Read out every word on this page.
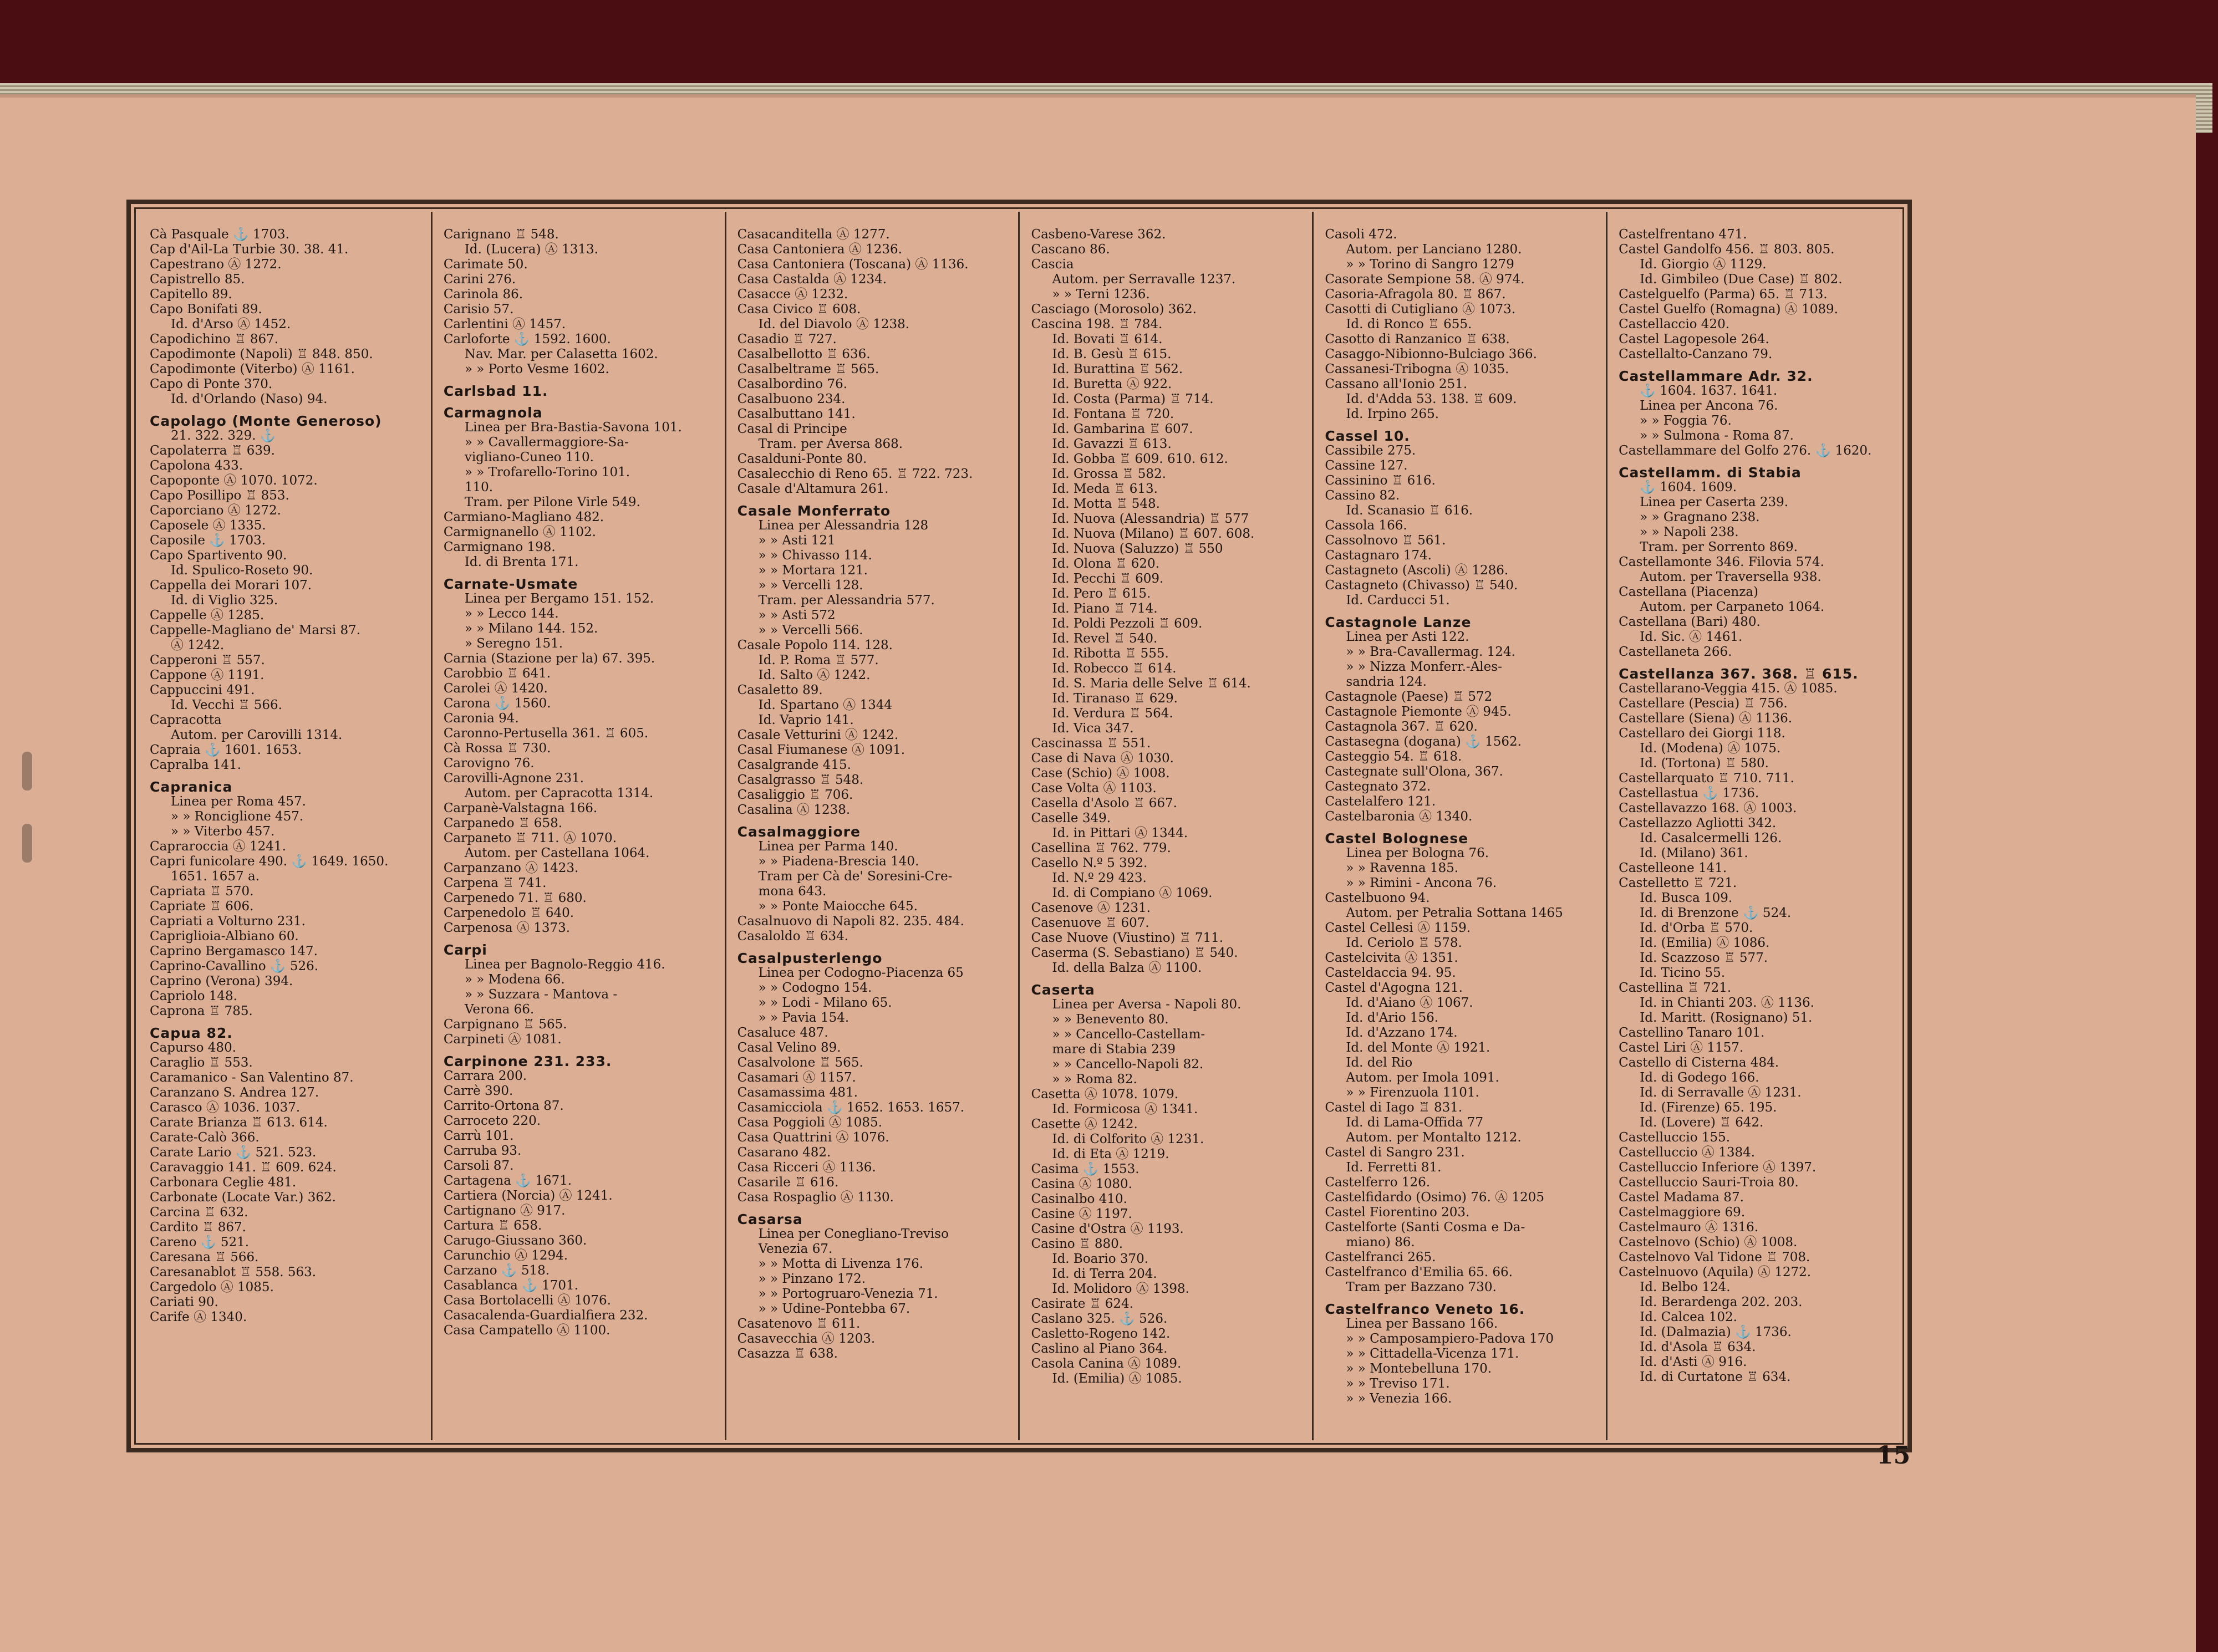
Cà Pasquale ⚓ 1703.
Cap d'Ail-La Turbie 30. 38. 41.
Capestrano Ⓐ 1272.
Capistrello 85.
Capitello 89.
Capo Bonifati 89.
Id. d'Arso Ⓐ 1452.
Capodichino ♖ 867.
Capodimonte (Napoli) ♖ 848. 850.
Capodimonte (Viterbo) Ⓐ 1161.
Capo di Ponte 370.
Id. d'Orlando (Naso) 94.
Capolago (Monte Generoso)
21. 322. 329. ⚓
Capolaterra ♖ 639.
Capolona 433.
Capoponte Ⓐ 1070. 1072.
Capo Posillipo ♖ 853.
Caporciano Ⓐ 1272.
Caposele Ⓐ 1335.
Caposile ⚓ 1703.
Capo Spartivento 90.
Id. Spulico-Roseto 90.
Cappella dei Morari 107.
Id. di Viglio 325.
Cappelle Ⓐ 1285.
Cappelle-Magliano de' Marsi 87.
Ⓐ 1242.
Capperoni ♖ 557.
Cappone Ⓐ 1191.
Cappuccini 491.
Id. Vecchi ♖ 566.
Capracotta
Autom. per Carovilli 1314.
Capraia ⚓ 1601. 1653.
Capralba 141.
Capranica
Linea per Roma 457.
» » Ronciglione 457.
» » Viterbo 457.
Capraroccia Ⓐ 1241.
Capri funicolare 490. ⚓ 1649. 1650.
1651. 1657 a.
Capriata ♖ 570.
Capriate ♖ 606.
Capriati a Volturno 231.
Capriglioia-Albiano 60.
Caprino Bergamasco 147.
Caprino-Cavallino ⚓ 526.
Caprino (Verona) 394.
Capriolo 148.
Caprona ♖ 785.
Capua 82.
Capurso 480.
Caraglio ♖ 553.
Caramanico - San Valentino 87.
Caranzano S. Andrea 127.
Carasco Ⓐ 1036. 1037.
Carate Brianza ♖ 613. 614.
Carate-Calò 366.
Carate Lario ⚓ 521. 523.
Caravaggio 141. ♖ 609. 624.
Carbonara Ceglie 481.
Carbonate (Locate Var.) 362.
Carcina ♖ 632.
Cardito ♖ 867.
Careno ⚓ 521.
Caresana ♖ 566.
Caresanablot ♖ 558. 563.
Cargedolo Ⓐ 1085.
Cariati 90.
Carife Ⓐ 1340.
Carignano ♖ 548.
Id. (Lucera) Ⓐ 1313.
Carimate 50.
Carini 276.
Carinola 86.
Carisio 57.
Carlentini Ⓐ 1457.
Carloforte ⚓ 1592. 1600.
Nav. Mar. per Calasetta 1602.
» » Porto Vesme 1602.
Carlsbad 11.
Carmagnola
Linea per Bra-Bastia-Savona 101.
» » Cavallermaggiore-Sa-
vigliano-Cuneo 110.
» » Trofarello-Torino 101.
110.
Tram. per Pilone Virle 549.
Carmiano-Magliano 482.
Carmignanello Ⓐ 1102.
Carmignano 198.
Id. di Brenta 171.
Carnate-Usmate
Linea per Bergamo 151. 152.
» » Lecco 144.
» » Milano 144. 152.
» Seregno 151.
Carnia (Stazione per la) 67. 395.
Carobbio ♖ 641.
Carolei Ⓐ 1420.
Carona ⚓ 1560.
Caronia 94.
Caronno-Pertusella 361. ♖ 605.
Cà Rossa ♖ 730.
Carovigno 76.
Carovilli-Agnone 231.
Autom. per Capracotta 1314.
Carpanè-Valstagna 166.
Carpanedo ♖ 658.
Carpaneto ♖ 711. Ⓐ 1070.
Autom. per Castellana 1064.
Carpanzano Ⓐ 1423.
Carpena ♖ 741.
Carpenedo 71. ♖ 680.
Carpenedolo ♖ 640.
Carpenosa Ⓐ 1373.
Carpi
Linea per Bagnolo-Reggio 416.
» » Modena 66.
» » Suzzara - Mantova -
Verona 66.
Carpignano ♖ 565.
Carpineti Ⓐ 1081.
Carpinone 231. 233.
Carrara 200.
Carrè 390.
Carrito-Ortona 87.
Carroceto 220.
Carrù 101.
Carruba 93.
Carsoli 87.
Cartagena ⚓ 1671.
Cartiera (Norcia) Ⓐ 1241.
Cartignano Ⓐ 917.
Cartura ♖ 658.
Carugo-Giussano 360.
Carunchio Ⓐ 1294.
Carzano ⚓ 518.
Casablanca ⚓ 1701.
Casa Bortolacelli Ⓐ 1076.
Casacalenda-Guardialfiera 232.
Casa Campatello Ⓐ 1100.
Casacanditella Ⓐ 1277.
Casa Cantoniera Ⓐ 1236.
Casa Cantoniera (Toscana) Ⓐ 1136.
Casa Castalda Ⓐ 1234.
Casacce Ⓐ 1232.
Casa Civico ♖ 608.
Id. del Diavolo Ⓐ 1238.
Casadio ♖ 727.
Casalbellotto ♖ 636.
Casalbeltrame ♖ 565.
Casalbordino 76.
Casalbuono 234.
Casalbuttano 141.
Casal di Principe
Tram. per Aversa 868.
Casalduni-Ponte 80.
Casalecchio di Reno 65. ♖ 722. 723.
Casale d'Altamura 261.
Casale Monferrato
Linea per Alessandria 128
» » Asti 121
» » Chivasso 114.
» » Mortara 121.
» » Vercelli 128.
Tram. per Alessandria 577.
» » Asti 572
» » Vercelli 566.
Casale Popolo 114. 128.
Id. P. Roma ♖ 577.
Id. Salto Ⓐ 1242.
Casaletto 89.
Id. Spartano Ⓐ 1344
Id. Vaprio 141.
Casale Vetturini Ⓐ 1242.
Casal Fiumanese Ⓐ 1091.
Casalgrande 415.
Casalgrasso ♖ 548.
Casaliggio ♖ 706.
Casalina Ⓐ 1238.
Casalmaggiore
Linea per Parma 140.
» » Piadena-Brescia 140.
Tram per Cà de' Soresini-Cre-
mona 643.
» » Ponte Maiocche 645.
Casalnuovo di Napoli 82. 235. 484.
Casaloldo ♖ 634.
Casalpusterlengo
Linea per Codogno-Piacenza 65
» » Codogno 154.
» » Lodi - Milano 65.
» » Pavia 154.
Casaluce 487.
Casal Velino 89.
Casalvolone ♖ 565.
Casamari Ⓐ 1157.
Casamassima 481.
Casamicciola ⚓ 1652. 1653. 1657.
Casa Poggioli Ⓐ 1085.
Casa Quattrini Ⓐ 1076.
Casarano 482.
Casa Ricceri Ⓐ 1136.
Casarile ♖ 616.
Casa Rospaglio Ⓐ 1130.
Casarsa
Linea per Conegliano-Treviso
Venezia 67.
» » Motta di Livenza 176.
» » Pinzano 172.
» » Portogruaro-Venezia 71.
» » Udine-Pontebba 67.
Casatenovo ♖ 611.
Casavecchia Ⓐ 1203.
Casazza ♖ 638.
Casbeno-Varese 362.
Cascano 86.
Cascia
Autom. per Serravalle 1237.
» » Terni 1236.
Casciago (Morosolo) 362.
Cascina 198. ♖ 784.
Id. Bovati ♖ 614.
Id. B. Gesù ♖ 615.
Id. Burattina ♖ 562.
Id. Buretta Ⓐ 922.
Id. Costa (Parma) ♖ 714.
Id. Fontana ♖ 720.
Id. Gambarina ♖ 607.
Id. Gavazzi ♖ 613.
Id. Gobba ♖ 609. 610. 612.
Id. Grossa ♖ 582.
Id. Meda ♖ 613.
Id. Motta ♖ 548.
Id. Nuova (Alessandria) ♖ 577
Id. Nuova (Milano) ♖ 607. 608.
Id. Nuova (Saluzzo) ♖ 550
Id. Olona ♖ 620.
Id. Pecchi ♖ 609.
Id. Pero ♖ 615.
Id. Piano ♖ 714.
Id. Poldi Pezzoli ♖ 609.
Id. Revel ♖ 540.
Id. Ribotta ♖ 555.
Id. Robecco ♖ 614.
Id. S. Maria delle Selve ♖ 614.
Id. Tiranaso ♖ 629.
Id. Verdura ♖ 564.
Id. Vica 347.
Cascinassa ♖ 551.
Case di Nava Ⓐ 1030.
Case (Schio) Ⓐ 1008.
Case Volta Ⓐ 1103.
Casella d'Asolo ♖ 667.
Caselle 349.
Id. in Pittari Ⓐ 1344.
Casellina ♖ 762. 779.
Casello N.º 5 392.
Id. N.º 29 423.
Id. di Compiano Ⓐ 1069.
Casenove Ⓐ 1231.
Casenuove ♖ 607.
Case Nuove (Viustino) ♖ 711.
Caserma (S. Sebastiano) ♖ 540.
Id. della Balza Ⓐ 1100.
Caserta
Linea per Aversa - Napoli 80.
» » Benevento 80.
» » Cancello-Castellam-
mare di Stabia 239
» » Cancello-Napoli 82.
» » Roma 82.
Casetta Ⓐ 1078. 1079.
Id. Formicosa Ⓐ 1341.
Casette Ⓐ 1242.
Id. di Colforito Ⓐ 1231.
Id. di Eta Ⓐ 1219.
Casima ⚓ 1553.
Casina Ⓐ 1080.
Casinalbo 410.
Casine Ⓐ 1197.
Casine d'Ostra Ⓐ 1193.
Casino ♖ 880.
Id. Boario 370.
Id. di Terra 204.
Id. Molidoro Ⓐ 1398.
Casirate ♖ 624.
Caslano 325. ⚓ 526.
Casletto-Rogeno 142.
Caslino al Piano 364.
Casola Canina Ⓐ 1089.
Id. (Emilia) Ⓐ 1085.
Casoli 472.
Autom. per Lanciano 1280.
» » Torino di Sangro 1279
Casorate Sempione 58. Ⓐ 974.
Casoria-Afragola 80. ♖ 867.
Casotti di Cutigliano Ⓐ 1073.
Id. di Ronco ♖ 655.
Casotto di Ranzanico ♖ 638.
Casaggo-Nibionno-Bulciago 366.
Cassanesi-Tribogna Ⓐ 1035.
Cassano all'Ionio 251.
Id. d'Adda 53. 138. ♖ 609.
Id. Irpino 265.
Cassel 10.
Cassibile 275.
Cassine 127.
Cassinino ♖ 616.
Cassino 82.
Id. Scanasio ♖ 616.
Cassola 166.
Cassolnovo ♖ 561.
Castagnaro 174.
Castagneto (Ascoli) Ⓐ 1286.
Castagneto (Chivasso) ♖ 540.
Id. Carducci 51.
Castagnole Lanze
Linea per Asti 122.
» » Bra-Cavallermag. 124.
» » Nizza Monferr.-Ales-
sandria 124.
Castagnole (Paese) ♖ 572
Castagnole Piemonte Ⓐ 945.
Castagnola 367. ♖ 620.
Castasegna (dogana) ⚓ 1562.
Casteggio 54. ♖ 618.
Castegnate sull'Olona, 367.
Castegnato 372.
Castelalfero 121.
Castelbaronia Ⓐ 1340.
Castel Bolognese
Linea per Bologna 76.
» » Ravenna 185.
» » Rimini - Ancona 76.
Castelbuono 94.
Autom. per Petralia Sottana 1465
Castel Cellesi Ⓐ 1159.
Id. Ceriolo ♖ 578.
Castelcivita Ⓐ 1351.
Casteldaccia 94. 95.
Castel d'Agogna 121.
Id. d'Aiano Ⓐ 1067.
Id. d'Ario 156.
Id. d'Azzano 174.
Id. del Monte Ⓐ 1921.
Id. del Rio
Autom. per Imola 1091.
» » Firenzuola 1101.
Castel di Iago ♖ 831.
Id. di Lama-Offida 77
Autom. per Montalto 1212.
Castel di Sangro 231.
Id. Ferretti 81.
Castelferro 126.
Castelfidardo (Osimo) 76. Ⓐ 1205
Castel Fiorentino 203.
Castelforte (Santi Cosma e Da-
miano) 86.
Castelfranci 265.
Castelfranco d'Emilia 65. 66.
Tram per Bazzano 730.
Castelfranco Veneto 16.
Linea per Bassano 166.
» » Camposampiero-Padova 170
» » Cittadella-Vicenza 171.
» » Montebelluna 170.
» » Treviso 171.
» » Venezia 166.
Castelfrentano 471.
Castel Gandolfo 456. ♖ 803. 805.
Id. Giorgio Ⓐ 1129.
Id. Gimbileo (Due Case) ♖ 802.
Castelguelfo (Parma) 65. ♖ 713.
Castel Guelfo (Romagna) Ⓐ 1089.
Castellaccio 420.
Castel Lagopesole 264.
Castellalto-Canzano 79.
Castellammare Adr. 32.
⚓ 1604. 1637. 1641.
Linea per Ancona 76.
» » Foggia 76.
» » Sulmona - Roma 87.
Castellammare del Golfo 276. ⚓ 1620.
Castellamm. di Stabia
⚓ 1604. 1609.
Linea per Caserta 239.
» » Gragnano 238.
» » Napoli 238.
Tram. per Sorrento 869.
Castellamonte 346. Filovia 574.
Autom. per Traversella 938.
Castellana (Piacenza)
Autom. per Carpaneto 1064.
Castellana (Bari) 480.
Id. Sic. Ⓐ 1461.
Castellaneta 266.
Castellanza 367. 368. ♖ 615.
Castellarano-Veggia 415. Ⓐ 1085.
Castellare (Pescia) ♖ 756.
Castellare (Siena) Ⓐ 1136.
Castellaro dei Giorgi 118.
Id. (Modena) Ⓐ 1075.
Id. (Tortona) ♖ 580.
Castellarquato ♖ 710. 711.
Castellastua ⚓ 1736.
Castellavazzo 168. Ⓐ 1003.
Castellazzo Agliotti 342.
Id. Casalcermelli 126.
Id. (Milano) 361.
Castelleone 141.
Castelletto ♖ 721.
Id. Busca 109.
Id. di Brenzone ⚓ 524.
Id. d'Orba ♖ 570.
Id. (Emilia) Ⓐ 1086.
Id. Scazzoso ♖ 577.
Id. Ticino 55.
Castellina ♖ 721.
Id. in Chianti 203. Ⓐ 1136.
Id. Maritt. (Rosignano) 51.
Castellino Tanaro 101.
Castel Liri Ⓐ 1157.
Castello di Cisterna 484.
Id. di Godego 166.
Id. di Serravalle Ⓐ 1231.
Id. (Firenze) 65. 195.
Id. (Lovere) ♖ 642.
Castelluccio 155.
Castelluccio Ⓐ 1384.
Castelluccio Inferiore Ⓐ 1397.
Castelluccio Sauri-Troia 80.
Castel Madama 87.
Castelmaggiore 69.
Castelmauro Ⓐ 1316.
Castelnovo (Schio) Ⓐ 1008.
Castelnovo Val Tidone ♖ 708.
Castelnuovo (Aquila) Ⓐ 1272.
Id. Belbo 124.
Id. Berardenga 202. 203.
Id. Calcea 102.
Id. (Dalmazia) ⚓ 1736.
Id. d'Asola ♖ 634.
Id. d'Asti Ⓐ 916.
Id. di Curtatone ♖ 634.
15
